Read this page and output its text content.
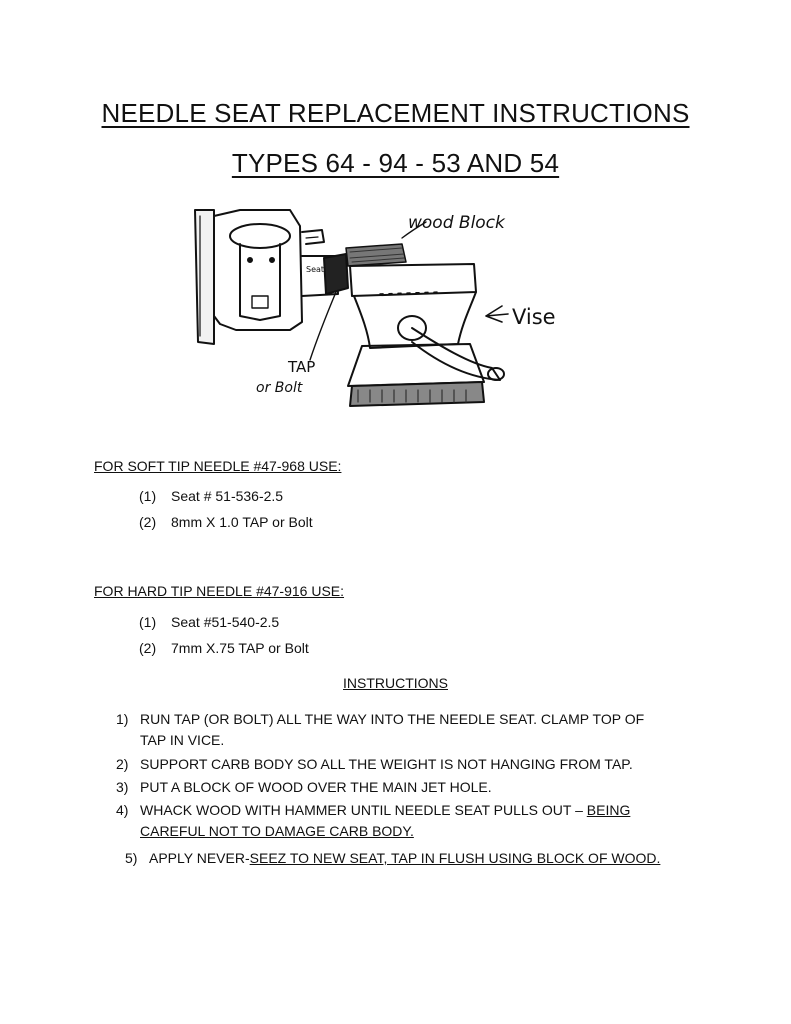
NEEDLE SEAT REPLACEMENT INSTRUCTIONS
TYPES 64 - 94 - 53 AND 54
wood Block
Vise
Seat
TAP
or Bolt
FOR SOFT TIP NEEDLE #47-968 USE:
(1) Seat # 51-536-2.5
(2) 8mm X 1.0 TAP or Bolt
FOR HARD TIP NEEDLE #47-916 USE:
(1) Seat #51-540-2.5
(2) 7mm X.75 TAP or Bolt
INSTRUCTIONS
1) RUN TAP (OR BOLT) ALL THE WAY INTO THE NEEDLE SEAT. CLAMP TOP OF
TAP IN VICE.
2) SUPPORT CARB BODY SO ALL THE WEIGHT IS NOT HANGING FROM TAP.
3) PUT A BLOCK OF WOOD OVER THE MAIN JET HOLE.
4) WHACK WOOD WITH HAMMER UNTIL NEEDLE SEAT PULLS OUT – BEING
CAREFUL NOT TO DAMAGE CARB BODY.
5) APPLY NEVER-SEEZ TO NEW SEAT, TAP IN FLUSH USING BLOCK OF WOOD.
